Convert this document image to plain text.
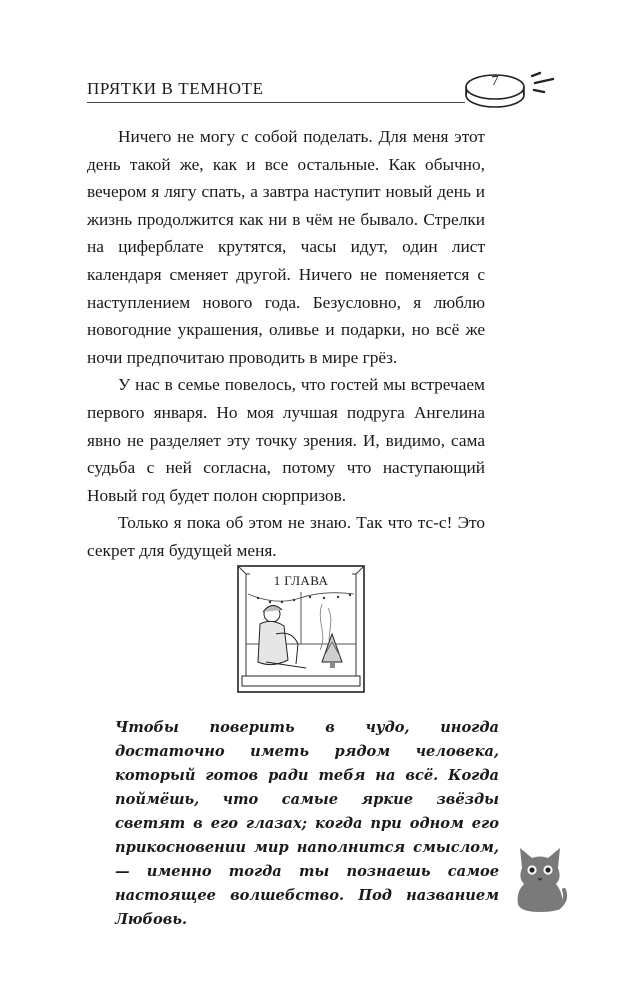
ПРЯТКИ В ТЕМНОТЕ	7

Ничего не могу с собой поделать. Для меня этот день такой же, как и все остальные. Как обычно, вечером я лягу спать, а завтра наступит новый день и жизнь продолжится как ни в чём не бывало. Стрелки на циферблате крутятся, часы идут, один лист календаря сменяет другой. Ничего не поменяется с наступлением нового года. Безусловно, я люблю новогодние украшения, оливье и подарки, но всё же ночи предпочитаю проводить в мире грёз.

У нас в семье повелось, что гостей мы встречаем первого января. Но моя лучшая подруга Ангелина явно не разделяет эту точку зрения. И, видимо, сама судьба с ней согласна, потому что наступающий Новый год будет полон сюрпризов.

Только я пока об этом не знаю. Так что тс-с! Это секрет для будущей меня.

1 ГЛАВА
Чтобы поверить в чудо, иногда достаточно иметь рядом человека, который готов ради тебя на всё. Когда поймёшь, что самые яркие звёзды светят в его глазах; когда при одном его прикосновении мир наполнится смыслом, — именно тогда ты познаешь самое настоящее волшебство. Под названием Любовь.
